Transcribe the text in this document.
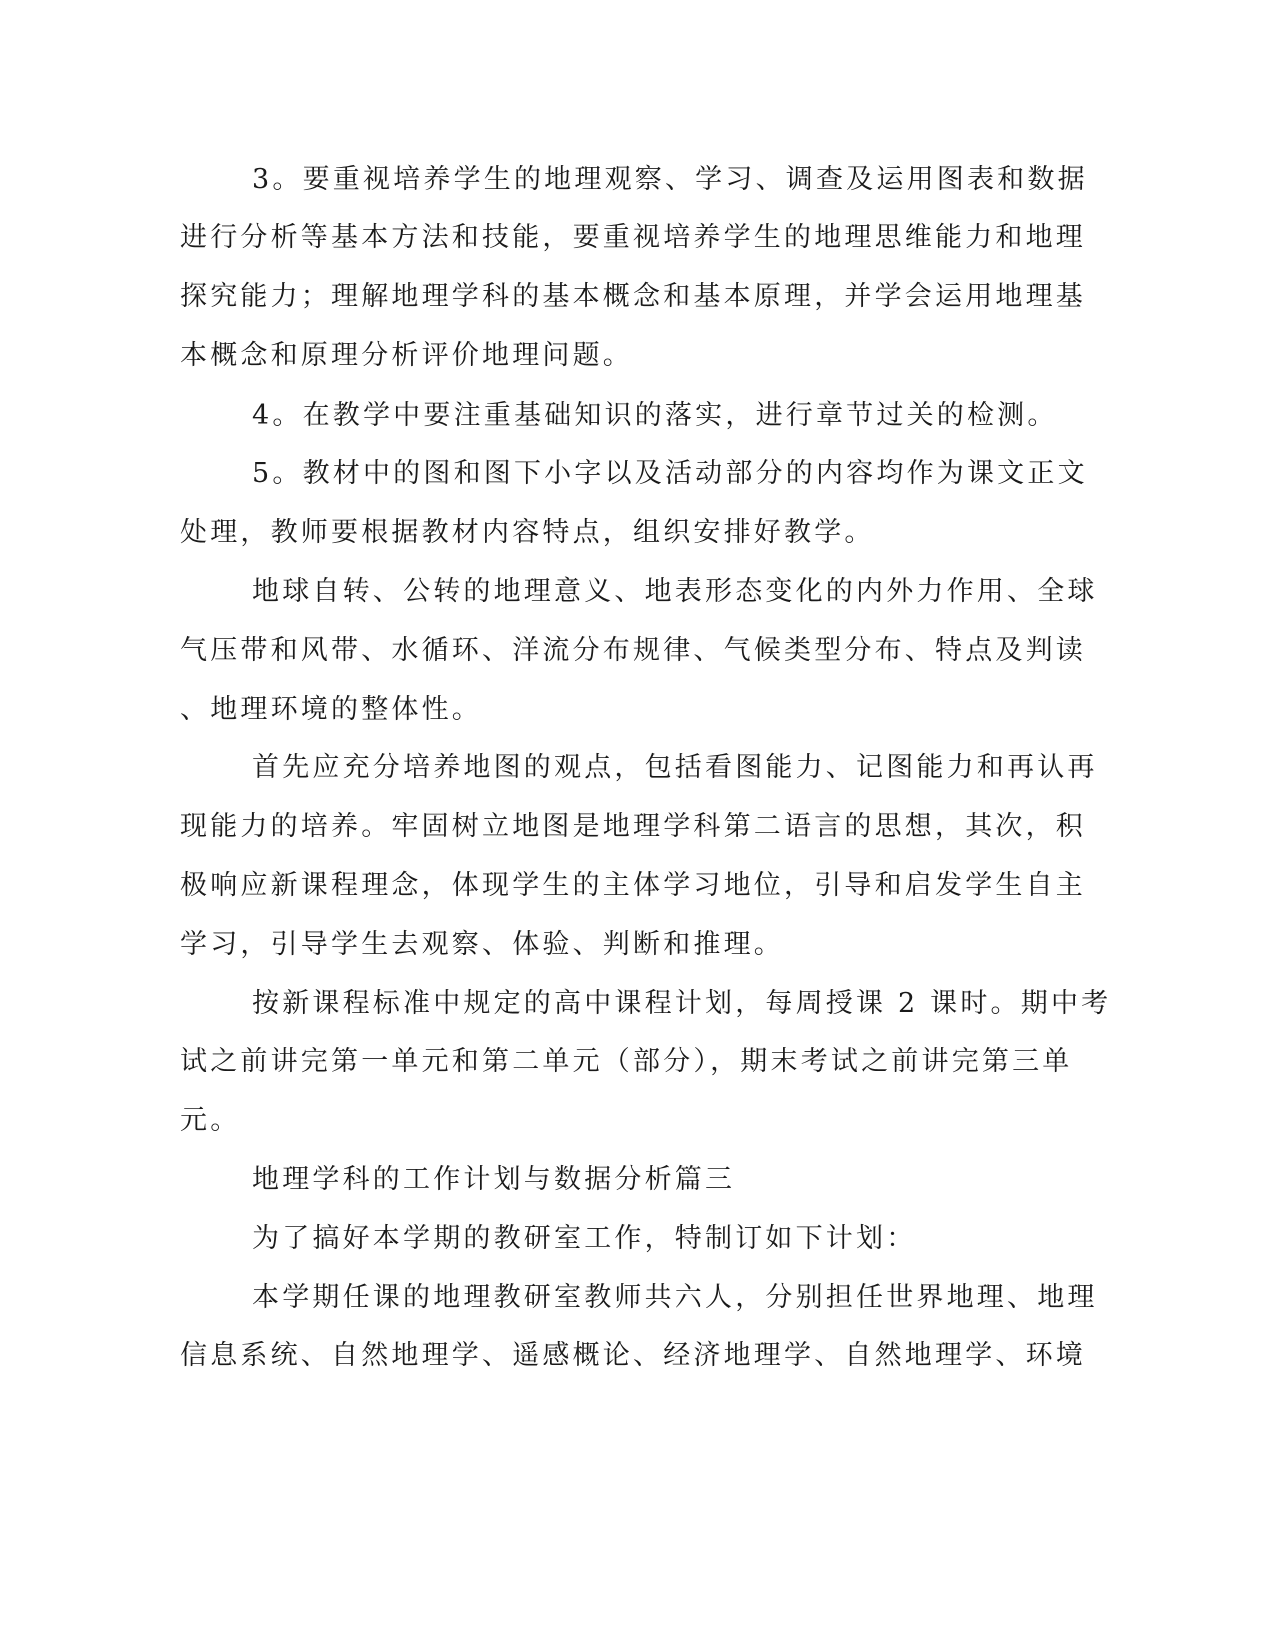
3。要重视培养学生的地理观察、学习、调查及运用图表和数据
进行分析等基本方法和技能，要重视培养学生的地理思维能力和地理
探究能力；理解地理学科的基本概念和基本原理，并学会运用地理基
本概念和原理分析评价地理问题。
4。在教学中要注重基础知识的落实，进行章节过关的检测。
5。教材中的图和图下小字以及活动部分的内容均作为课文正文
处理，教师要根据教材内容特点，组织安排好教学。
地球自转、公转的地理意义、地表形态变化的内外力作用、全球
气压带和风带、水循环、洋流分布规律、气候类型分布、特点及判读
、地理环境的整体性。
首先应充分培养地图的观点，包括看图能力、记图能力和再认再
现能力的培养。牢固树立地图是地理学科第二语言的思想，其次，积
极响应新课程理念，体现学生的主体学习地位，引导和启发学生自主
学习，引导学生去观察、体验、判断和推理。
按新课程标准中规定的高中课程计划，每周授课 2 课时。期中考
试之前讲完第一单元和第二单元（部分），期末考试之前讲完第三单
元。
地理学科的工作计划与数据分析篇三
为了搞好本学期的教研室工作，特制订如下计划：
本学期任课的地理教研室教师共六人，分别担任世界地理、地理
信息系统、自然地理学、遥感概论、经济地理学、自然地理学、环境
